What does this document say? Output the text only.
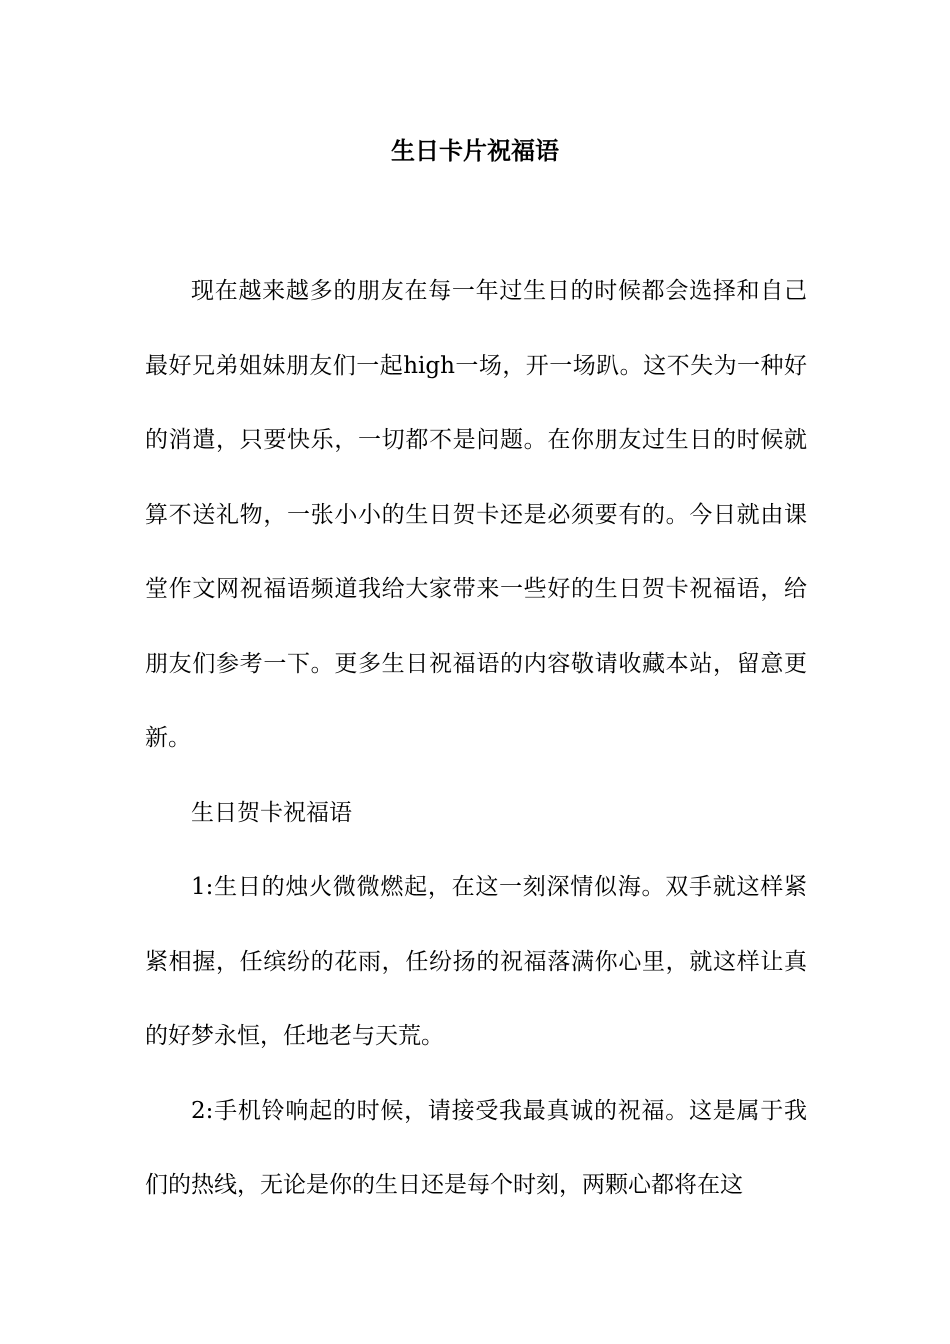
生日卡片祝福语

现在越来越多的朋友在每一年过生日的时候都会选择和自己最好兄弟姐妹朋友们一起high一场，开一场趴。这不失为一种好的消遣，只要快乐，一切都不是问题。在你朋友过生日的时候就算不送礼物，一张小小的生日贺卡还是必须要有的。今日就由课堂作文网祝福语频道我给大家带来一些好的生日贺卡祝福语，给朋友们参考一下。更多生日祝福语的内容敬请收藏本站，留意更新。

生日贺卡祝福语

1:生日的烛火微微燃起，在这一刻深情似海。双手就这样紧紧相握，任缤纷的花雨，任纷扬的祝福落满你心里，就这样让真的好梦永恒，任地老与天荒。

2:手机铃响起的时候，请接受我最真诚的祝福。这是属于我们的热线，无论是你的生日还是每个时刻，两颗心都将在这
